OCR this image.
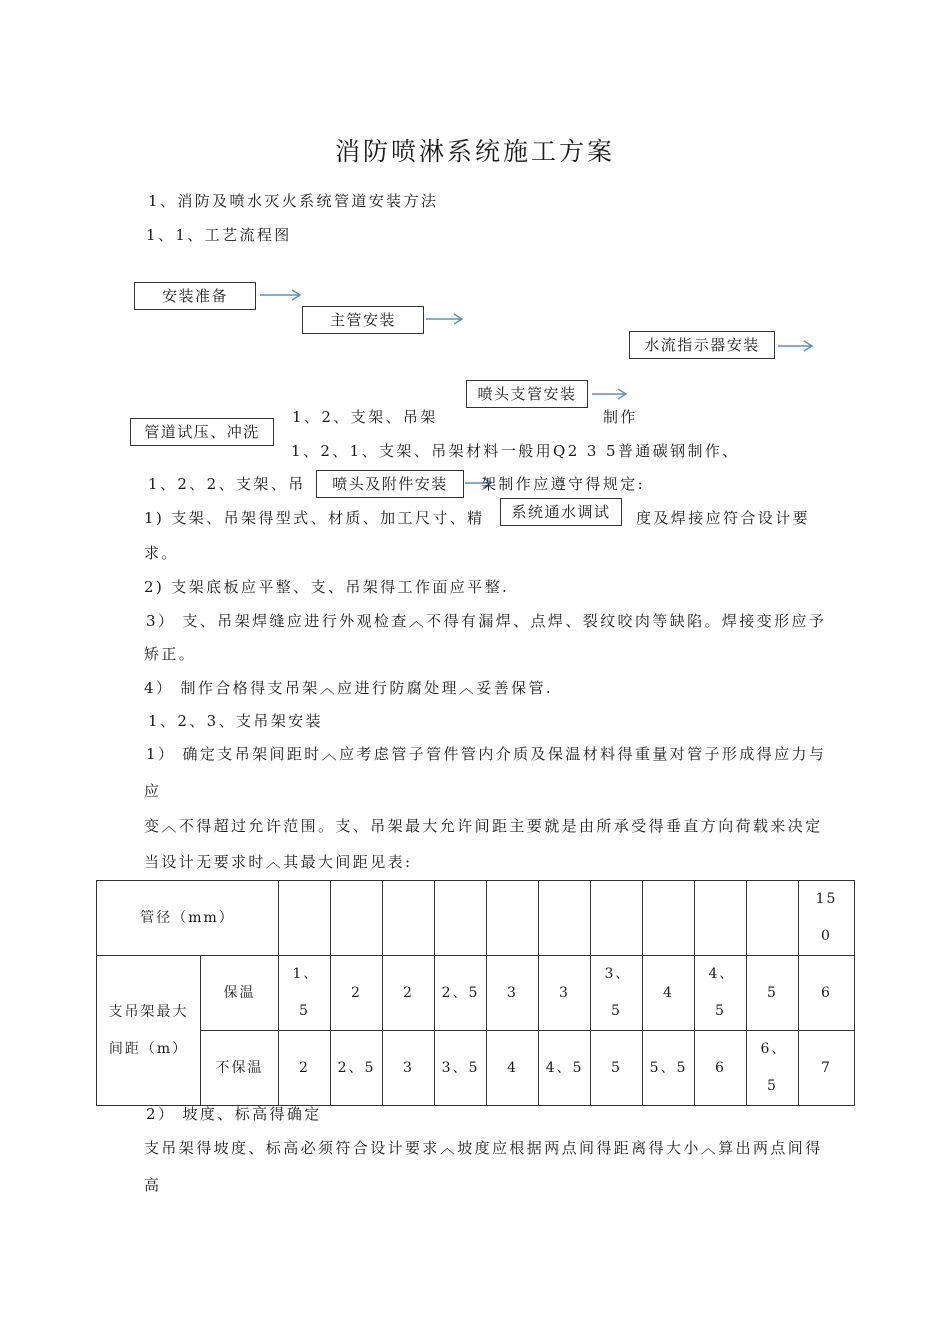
消防喷淋系统施工方案
1、消防及喷水灭火系统管道安装方法
1、1、工艺流程图
安装准备
主管安装
水流指示器安装
喷头支管安装
管道试压、冲洗
1、2、支架、吊架	制作
1、2、1、支架、吊架材料一般用Q2 3 5普通碳钢制作、
1、2、2、支架、吊	喷头及附件安装	架制作应遵守得规定:
1) 支架、吊架得型式、材质、加工尺寸、精	系统通水调试	度及焊接应符合设计要
求。
2) 支架底板应平整、支、吊架得工作面应平整.
3） 支、吊架焊缝应进行外观检查︿不得有漏焊、点焊、裂纹咬肉等缺陷。焊接变形应予
矫正。
4） 制作合格得支吊架︿应进行防腐处理︿妥善保管.
1、2、3、支吊架安装
1） 确定支吊架间距时︿应考虑管子管件管内介质及保温材料得重量对管子形成得应力与
应
变︿不得超过允许范围。支、吊架最大允许间距主要就是由所承受得垂直方向荷载来决定
当设计无要求时︿其最大间距见表:
管径（mm）												150
支吊架最大间距（m）	保温	1、5	2	2	2、5	3	3	3、5	4	4、5	5	6
	不保温	2	2、5	3	3、5	4	4、5	5	5、5	6	6、5	7
2） 坡度、标高得确定
支吊架得坡度、标高必须符合设计要求︿坡度应根据两点间得距离得大小︿算出两点间得
高
